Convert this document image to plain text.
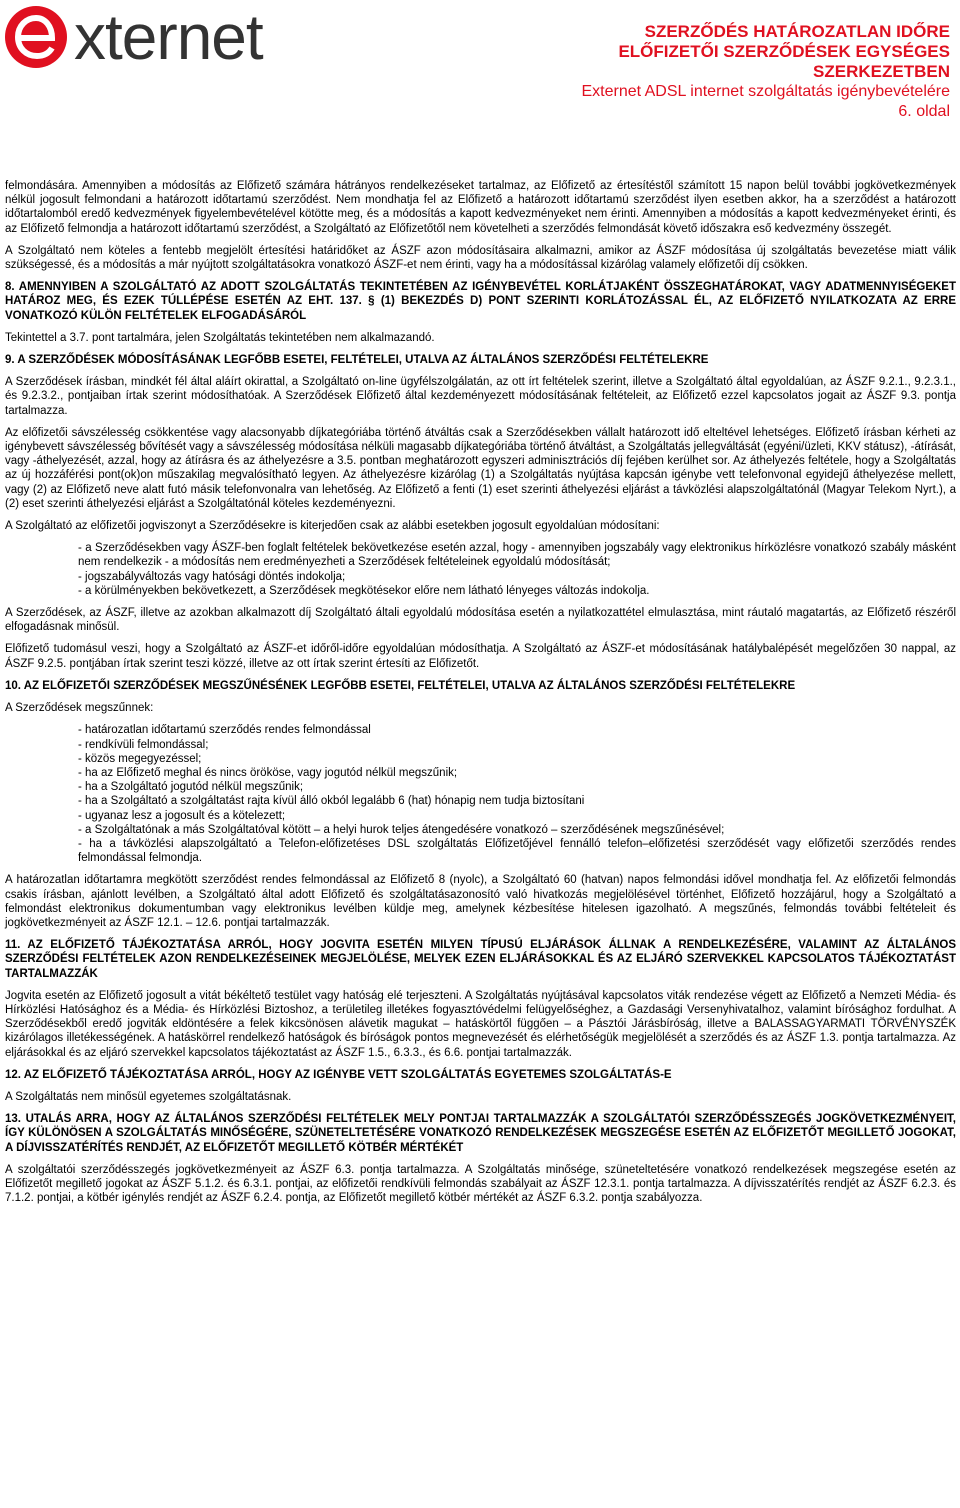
xternet	SZERZŐDÉS HATÁROZATLAN IDŐRE
ELŐFIZETŐI SZERZŐDÉSEK EGYSÉGES
SZERKEZETBEN
Externet ADSL internet szolgáltatás igénybevételére
6. oldal

felmondására. Amennyiben a módosítás az Előfizető számára hátrányos rendelkezéseket tartalmaz, az Előfizető az értesítéstől számított 15 napon belül további jogkövetkezmények nélkül jogosult felmondani a határozott időtartamú szerződést. Nem mondhatja fel az Előfizető a határozott időtartamú szerződést ilyen esetben akkor, ha a szerződést a határozott időtartalomból eredő kedvezmények figyelembevételével kötötte meg, és a módosítás a kapott kedvezményeket nem érinti. Amennyiben a módosítás a kapott kedvezményeket érinti, és az Előfizető felmondja a határozott időtartamú szerződést, a Szolgáltató az Előfizetőtől nem követelheti a szerződés felmondását követő időszakra eső kedvezmény összegét.

A Szolgáltató nem köteles a fentebb megjelölt értesítési határidőket az ÁSZF azon módosításaira alkalmazni, amikor az ÁSZF módosítása új szolgáltatás bevezetése miatt válik szükségessé, és a módosítás a már nyújtott szolgáltatásokra vonatkozó ÁSZF-et nem érinti, vagy ha a módosítással kizárólag valamely előfizetői díj csökken.

8. AMENNYIBEN A SZOLGÁLTATÓ AZ ADOTT SZOLGÁLTATÁS TEKINTETÉBEN AZ IGÉNYBEVÉTEL KORLÁTJAKÉNT ÖSSZEGHATÁROKAT, VAGY ADATMENNYISÉGEKET HATÁROZ MEG, ÉS EZEK TÚLLÉPÉSE ESETÉN AZ EHT. 137. § (1) BEKEZDÉS D) PONT SZERINTI KORLÁTOZÁSSAL ÉL, AZ ELŐFIZETŐ NYILATKOZATA AZ ERRE VONATKOZÓ KÜLÖN FELTÉTELEK ELFOGADÁSÁRÓL

Tekintettel a 3.7. pont tartalmára, jelen Szolgáltatás tekintetében nem alkalmazandó.

9. A SZERZŐDÉSEK MÓDOSÍTÁSÁNAK LEGFŐBB ESETEI, FELTÉTELEI, UTALVA AZ ÁLTALÁNOS SZERZŐDÉSI FELTÉTELEKRE

A Szerződések írásban, mindkét fél által aláírt okirattal, a Szolgáltató on-line ügyfélszolgálatán, az ott írt feltételek szerint, illetve a Szolgáltató által egyoldalúan, az ÁSZF 9.2.1., 9.2.3.1., és 9.2.3.2., pontjaiban írtak szerint módosíthatóak. A Szerződések Előfizető által kezdeményezett módosításának feltételeit, az Előfizető ezzel kapcsolatos jogait az ÁSZF 9.3. pontja tartalmazza.

Az előfizetői sávszélesség csökkentése vagy alacsonyabb díjkategóriába történő átváltás csak a Szerződésekben vállalt határozott idő elteltével lehetséges. Előfizető írásban kérheti az igénybevett sávszélesség bővítését vagy a sávszélesség módosítása nélküli magasabb díjkategóriába történő átváltást, a Szolgáltatás jellegváltását (egyéni/üzleti, KKV státusz), -átírását, vagy -áthelyezését, azzal, hogy az átírásra és az áthelyezésre a 3.5. pontban meghatározott egyszeri adminisztrációs díj fejében kerülhet sor. Az áthelyezés feltétele, hogy a Szolgáltatás az új hozzáférési pont(ok)on műszakilag megvalósítható legyen. Az áthelyezésre kizárólag (1) a Szolgáltatás nyújtása kapcsán igénybe vett telefonvonal egyidejű áthelyezése mellett, vagy (2) az Előfizető neve alatt futó másik telefonvonalra van lehetőség. Az Előfizető a fenti (1) eset szerinti áthelyezési eljárást a távközlési alapszolgáltatónál (Magyar Telekom Nyrt.), a (2) eset szerinti áthelyezési eljárást a Szolgáltatónál köteles kezdeményezni.

A Szolgáltató az előfizetői jogviszonyt a Szerződésekre is kiterjedően csak az alábbi esetekben jogosult egyoldalúan módosítani:

- a Szerződésekben vagy ÁSZF-ben foglalt feltételek bekövetkezése esetén azzal, hogy - amennyiben jogszabály vagy elektronikus hírközlésre vonatkozó szabály másként nem rendelkezik - a módosítás nem eredményezheti a Szerződések feltételeinek egyoldalú módosítását;
- jogszabályváltozás vagy hatósági döntés indokolja;
- a körülményekben bekövetkezett, a Szerződések megkötésekor előre nem látható lényeges változás indokolja.

A Szerződések, az ÁSZF, illetve az azokban alkalmazott díj Szolgáltató általi egyoldalú módosítása esetén a nyilatkozattétel elmulasztása, mint ráutaló magatartás, az Előfizető részéről elfogadásnak minősül.

Előfizető tudomásul veszi, hogy a Szolgáltató az ÁSZF-et időről-időre egyoldalúan módosíthatja. A Szolgáltató az ÁSZF-et módosításának hatálybalépését megelőzően 30 nappal, az ÁSZF 9.2.5. pontjában írtak szerint teszi közzé, illetve az ott írtak szerint értesíti az Előfizetőt.

10. AZ ELŐFIZETŐI SZERZŐDÉSEK MEGSZŰNÉSÉNEK LEGFŐBB ESETEI, FELTÉTELEI, UTALVA AZ ÁLTALÁNOS SZERZŐDÉSI FELTÉTELEKRE

A Szerződések megszűnnek:

- határozatlan időtartamú szerződés rendes felmondással
- rendkívüli felmondással;
- közös megegyezéssel;
- ha az Előfizető meghal és nincs örököse, vagy jogutód nélkül megszűnik;
- ha a Szolgáltató jogutód nélkül megszűnik;
- ha a Szolgáltató a szolgáltatást rajta kívül álló okból legalább 6 (hat) hónapig nem tudja biztosítani
- ugyanaz lesz a jogosult és a kötelezett;
- a Szolgáltatónak a más Szolgáltatóval kötött – a helyi hurok teljes átengedésére vonatkozó – szerződésének megszűnésével;
- ha a távközlési alapszolgáltató a Telefon-előfizetéses DSL szolgáltatás Előfizetőjével fennálló telefon–előfizetési szerződését vagy előfizetői szerződés rendes felmondással felmondja.

A határozatlan időtartamra megkötött szerződést rendes felmondással az Előfizető 8 (nyolc), a Szolgáltató 60 (hatvan) napos felmondási idővel mondhatja fel. Az előfizetői felmondás csakis írásban, ajánlott levélben, a Szolgáltató által adott Előfizető és szolgáltatásazonosító való hivatkozás megjelölésével történhet, Előfizető hozzájárul, hogy a Szolgáltató a felmondást elektronikus dokumentumban vagy elektronikus levélben küldje meg, amelynek kézbesítése hitelesen igazolható. A megszűnés, felmondás további feltételeit és jogkövetkezményeit az ÁSZF 12.1. – 12.6. pontjai tartalmazzák.

11. AZ ELŐFIZETŐ TÁJÉKOZTATÁSA ARRÓL, HOGY JOGVITA ESETÉN MILYEN TÍPUSÚ ELJÁRÁSOK ÁLLNAK A RENDELKEZÉSÉRE, VALAMINT AZ ÁLTALÁNOS SZERZŐDÉSI FELTÉTELEK AZON RENDELKEZÉSEINEK MEGJELÖLÉSE, MELYEK EZEN ELJÁRÁSOKKAL ÉS AZ ELJÁRÓ SZERVEKKEL KAPCSOLATOS TÁJÉKOZTATÁST TARTALMAZZÁK

Jogvita esetén az Előfizető jogosult a vitát békéltető testület vagy hatóság elé terjeszteni. A Szolgáltatás nyújtásával kapcsolatos viták rendezése végett az Előfizető a Nemzeti Média- és Hírközlési Hatósághoz és a Média- és Hírközlési Biztoshoz, a területileg illetékes fogyasztóvédelmi felügyelőséghez, a Gazdasági Versenyhivatalhoz, valamint bírósághoz fordulhat. A Szerződésekből eredő jogviták eldöntésére a felek kikcsönösen alávetik magukat – hatáskörtől függően – a Pásztói Járásbíróság, illetve a BALASSAGYARMATI TÖRVÉNYSZÉK kizárólagos illetékességének. A hatáskörrel rendelkező hatóságok és bíróságok pontos megnevezését és elérhetőségük megjelölését a szerződés és az ÁSZF 1.3. pontja tartalmazza. Az eljárásokkal és az eljáró szervekkel kapcsolatos tájékoztatást az ÁSZF 1.5., 6.3.3., és 6.6. pontjai tartalmazzák.

12. AZ ELŐFIZETŐ TÁJÉKOZTATÁSA ARRÓL, HOGY AZ IGÉNYBE VETT SZOLGÁLTATÁS EGYETEMES SZOLGÁLTATÁS-E

A Szolgáltatás nem minősül egyetemes szolgáltatásnak.

13. UTALÁS ARRA, HOGY AZ ÁLTALÁNOS SZERZŐDÉSI FELTÉTELEK MELY PONTJAI TARTALMAZZÁK A SZOLGÁLTATÓI SZERZŐDÉSSZEGÉS JOGKÖVETKEZMÉNYEIT, ÍGY KÜLÖNÖSEN A SZOLGÁLTATÁS MINŐSÉGÉRE, SZÜNETELTETÉSÉRE VONATKOZÓ RENDELKEZÉSEK MEGSZEGÉSE ESETÉN AZ ELŐFIZETŐT MEGILLETŐ JOGOKAT, A DÍJVISSZATÉRÍTÉS RENDJÉT, AZ ELŐFIZETŐT MEGILLETŐ KÖTBÉR MÉRTÉKÉT

A szolgáltatói szerződésszegés jogkövetkezményeit az ÁSZF 6.3. pontja tartalmazza. A Szolgáltatás minősége, szüneteltetésére vonatkozó rendelkezések megszegése esetén az Előfizetőt megillető jogokat az ÁSZF 5.1.2. és 6.3.1. pontjai, az előfizetői rendkívüli felmondás szabályait az ÁSZF 12.3.1. pontja tartalmazza. A díjvisszatérítés rendjét az ÁSZF 6.2.3. és 7.1.2. pontjai, a kötbér igénylés rendjét az ÁSZF 6.2.4. pontja, az Előfizetőt megillető kötbér mértékét az ÁSZF 6.3.2. pontja szabályozza.
